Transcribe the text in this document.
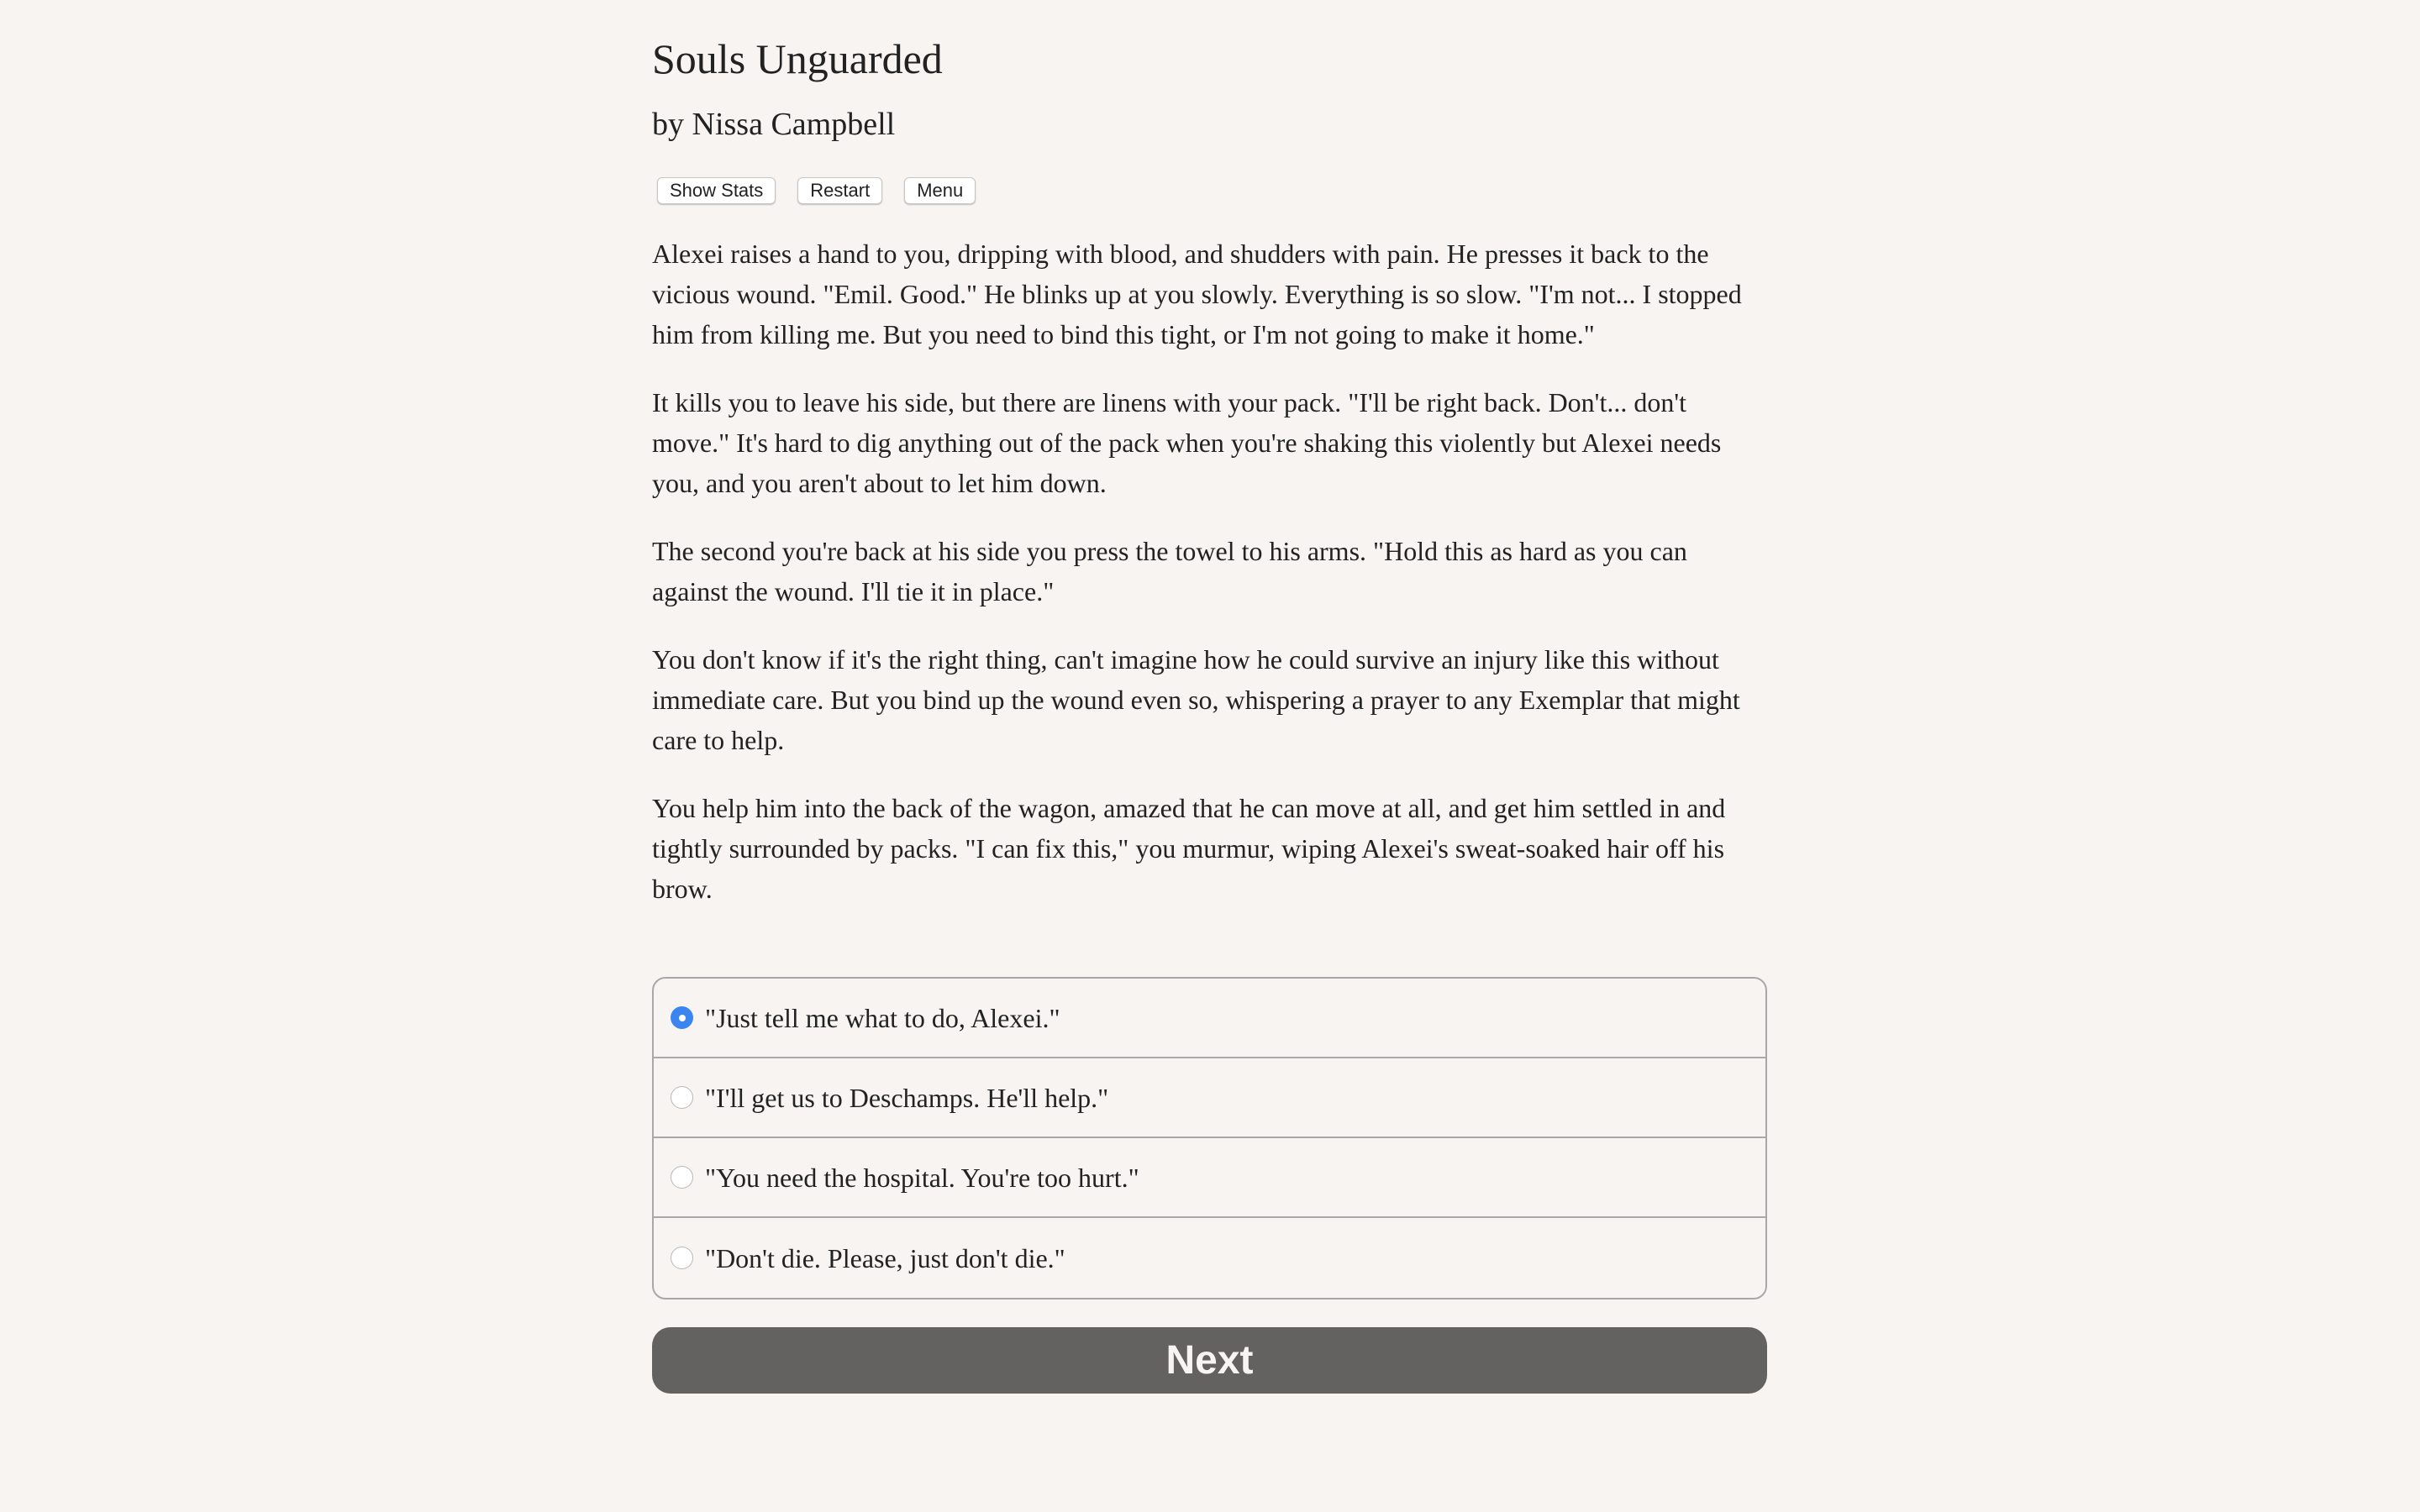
Souls Unguarded
by Nissa Campbell
Show Stats	Restart	Menu

Alexei raises a hand to you, dripping with blood, and shudders with pain. He presses it back to the vicious wound. "Emil. Good." He blinks up at you slowly. Everything is so slow. "I'm not... I stopped him from killing me. But you need to bind this tight, or I'm not going to make it home."

It kills you to leave his side, but there are linens with your pack. "I'll be right back. Don't... don't move." It's hard to dig anything out of the pack when you're shaking this violently but Alexei needs you, and you aren't about to let him down.

The second you're back at his side you press the towel to his arms. "Hold this as hard as you can against the wound. I'll tie it in place."

You don't know if it's the right thing, can't imagine how he could survive an injury like this without immediate care. But you bind up the wound even so, whispering a prayer to any Exemplar that might care to help.

You help him into the back of the wagon, amazed that he can move at all, and get him settled in and tightly surrounded by packs. "I can fix this," you murmur, wiping Alexei's sweat-soaked hair off his brow.

"Just tell me what to do, Alexei."
"I'll get us to Deschamps. He'll help."
"You need the hospital. You're too hurt."
"Don't die. Please, just don't die."
Next
